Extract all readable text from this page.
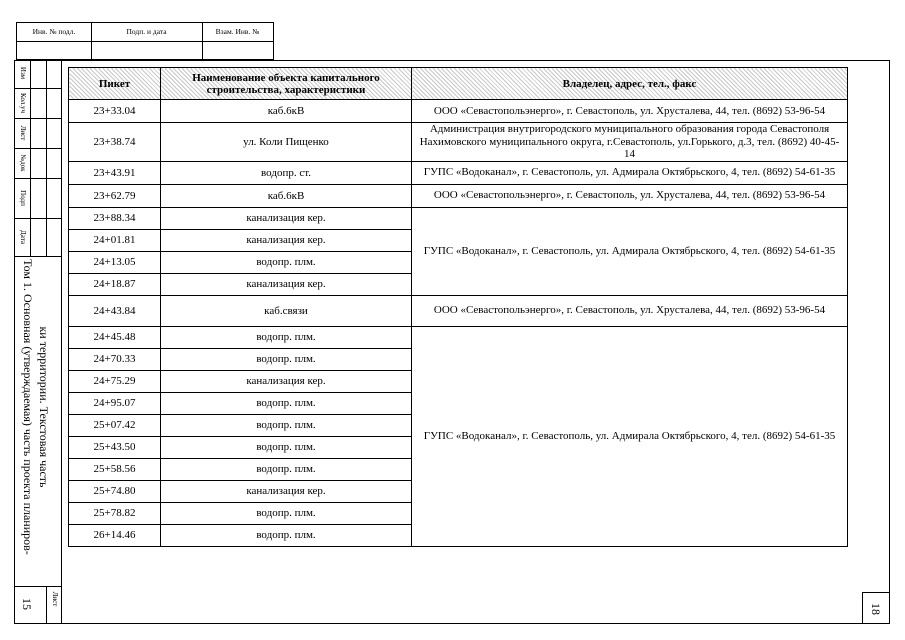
Инв. № подл.	Подп. и дата	Взам. Инв. №
Изм
Кол.уч
Лист
№док
Подп
Дата
Том 1. Основная (утверждаемая) часть проекта планиров- ки территории. Текстовая часть
Лист
15
Пикет	Наименование объекта капитального строительства, характеристики	Владелец, адрес, тел., факс
23+33.04	каб.6кВ	ООО «Севастопольэнерго», г. Севастополь, ул. Хрусталева, 44, тел. (8692) 53-96-54
23+38.74	ул. Коли Пищенко	Администрация внутригородского муниципального образования города Севастополя Нахимовского муниципального округа, г.Севастополь, ул.Горького, д.3, тел. (8692) 40-45-14
23+43.91	водопр. ст.	ГУПС «Водоканал», г. Севастополь, ул. Адмирала Октябрьского, 4, тел. (8692) 54-61-35
23+62.79	каб.6кВ	ООО «Севастопольэнерго», г. Севастополь, ул. Хрусталева, 44, тел. (8692) 53-96-54
23+88.34	канализация кер.	ГУПС «Водоканал», г. Севастополь, ул. Адмирала Октябрьского, 4, тел. (8692) 54-61-35
24+01.81	канализация кер.	
24+13.05	водопр. плм.	
24+18.87	канализация кер.	
24+43.84	каб.связи	ООО «Севастопольэнерго», г. Севастополь, ул. Хрусталева, 44, тел. (8692) 53-96-54
24+45.48	водопр. плм.	ГУПС «Водоканал», г. Севастополь, ул. Адмирала Октябрьского, 4, тел. (8692) 54-61-35
24+70.33	водопр. плм.	
24+75.29	канализация кер.	
24+95.07	водопр. плм.	
25+07.42	водопр. плм.	
25+43.50	водопр. плм.	
25+58.56	водопр. плм.	
25+74.80	канализация кер.	
25+78.82	водопр. плм.	
26+14.46	водопр. плм.	
18
